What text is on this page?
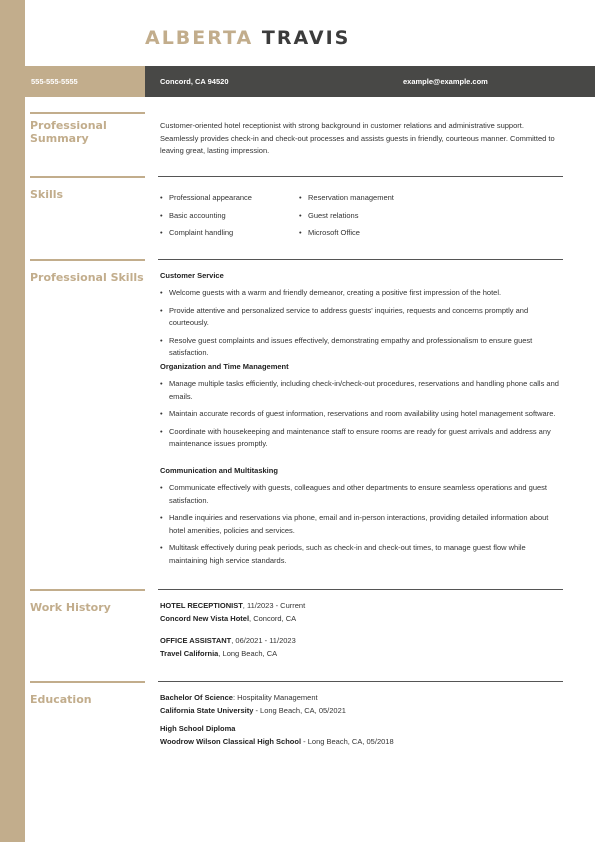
ALBERTA TRAVIS
555-555-5555	Concord, CA 94520	example@example.com
Professional
Summary
Customer-oriented hotel receptionist with strong background in customer relations and administrative support. Seamlessly provides check-in and check-out processes and assists guests in friendly, courteous manner. Committed to leaving great, lasting impression.
Skills
•	Professional appearance
• Basic accounting
• Complaint handling
• Reservation management
• Guest relations
• Microsoft Office
Professional Skills Customer Service
• Welcome guests with a warm and friendly demeanor, creating a positive first impression of the hotel.
• Provide attentive and personalized service to address guests' inquiries, requests and concerns promptly and courteously.
• Resolve guest complaints and issues effectively, demonstrating empathy and professionalism to ensure guest satisfaction.
Organization and Time Management
• Manage multiple tasks efficiently, including check-in/check-out procedures, reservations and handling phone calls and emails.
• Maintain accurate records of guest information, reservations and room availability using hotel management software.
• Coordinate with housekeeping and maintenance staff to ensure rooms are ready for guest arrivals and address any maintenance issues promptly.
Communication and Multitasking
• Communicate effectively with guests, colleagues and other departments to ensure seamless operations and guest satisfaction.
• Handle inquiries and reservations via phone, email and in-person interactions, providing detailed information about hotel amenities, policies and services.
• Multitask effectively during peak periods, such as check-in and check-out times, to manage guest flow while maintaining high service standards.
Work History	HOTEL RECEPTIONIST, 11/2023 - Current
Concord New Vista Hotel, Concord, CA
OFFICE ASSISTANT, 06/2021 - 11/2023
Travel California, Long Beach, CA
Education	Bachelor Of Science: Hospitality Management
California State University - Long Beach, CA, 05/2021
High School Diploma
Woodrow Wilson Classical High School - Long Beach, CA, 05/2018
